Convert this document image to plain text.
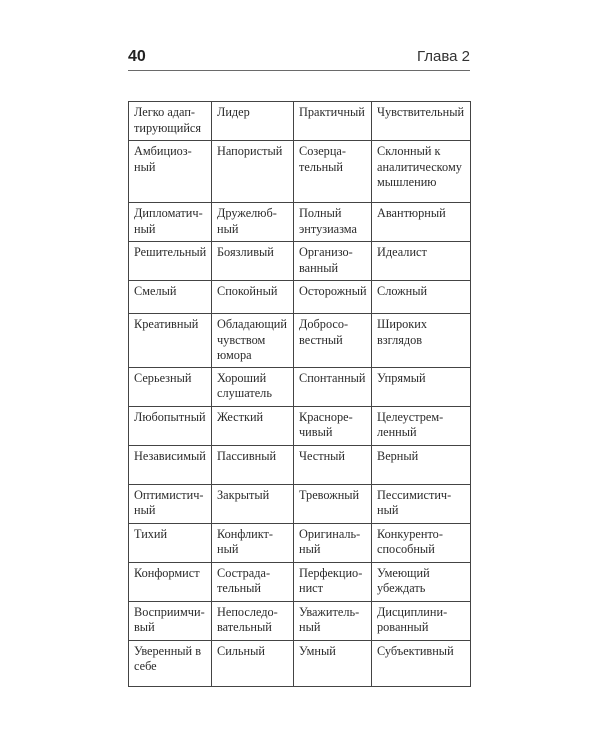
40	Глава 2
Легко адаптирующийся	Лидер	Практичный	Чувствительный
Амбициозный	Напористый	Созерцательный	Склонный к аналитическому мышлению
Дипломатичный	Дружелюбный	Полный энтузиазма	Авантюрный
Решительный	Боязливый	Организованный	Идеалист
Смелый	Спокойный	Осторожный	Сложный
Креативный	Обладающий чувством юмора	Добросовестный	Широких взглядов
Серьезный	Хороший слушатель	Спонтанный	Упрямый
Любопытный	Жесткий	Красноречивый	Целеустремленный
Независимый	Пассивный	Честный	Верный
Оптимистичный	Закрытый	Тревожный	Пессимистичный
Тихий	Конфликтный	Оригинальный	Конкурентоспособный
Конформист	Сострадательный	Перфекционист	Умеющий убеждать
Восприимчивый	Непоследовательный	Уважительный	Дисциплинированный
Уверенный в себе	Сильный	Умный	Субъективный
